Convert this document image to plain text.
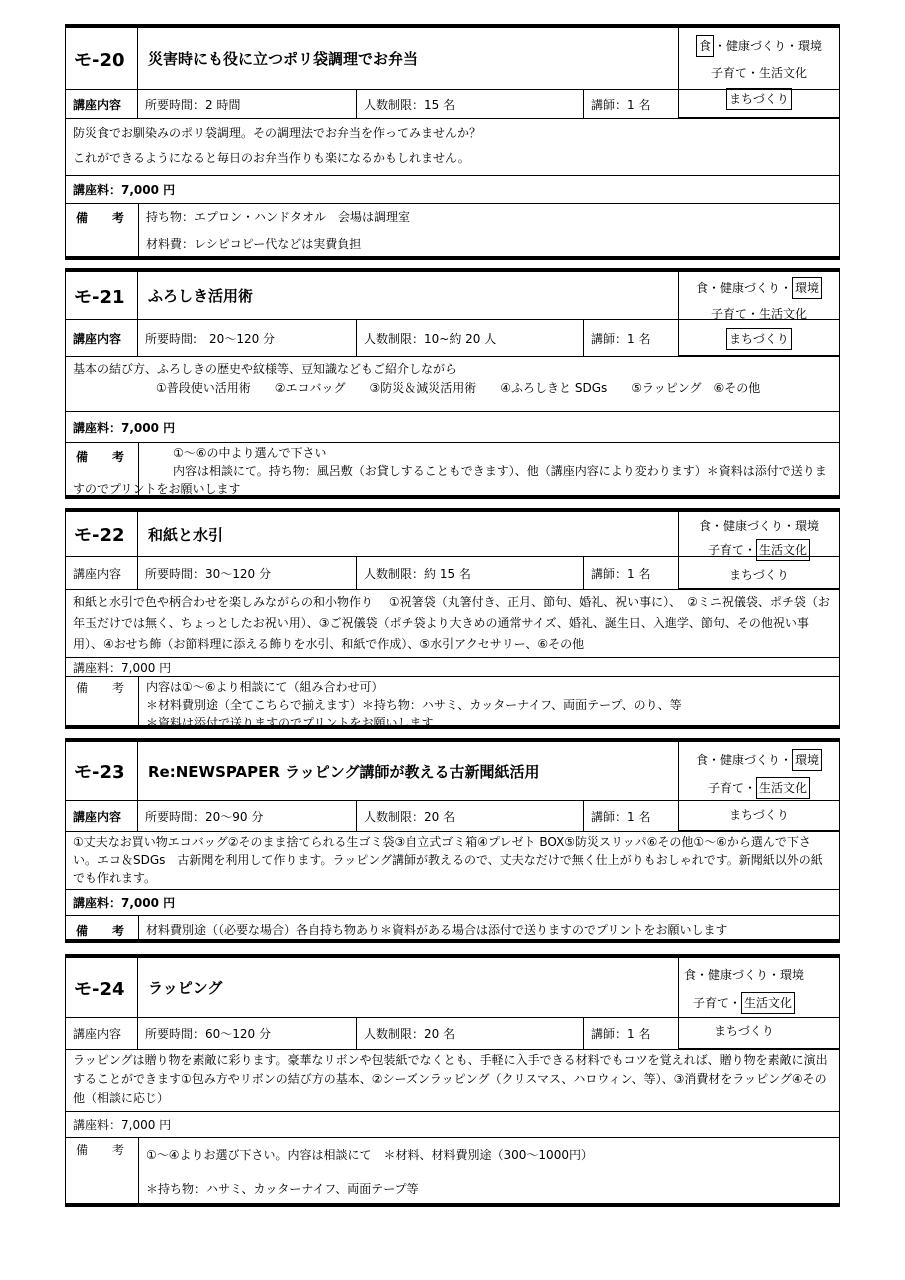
モ-20	災害時にも役に立つポリ袋調理でお弁当
講座内容	所要時間：2 時間	人数制限：15 名	講師：1 名
食 ・健康づくり・ 環境
子育て・ 生活文化
まちづくり
防災食でお馴染みのポリ袋調理。その調理法でお弁当を作ってみませんか？
これができるようになると毎日のお弁当作りも楽になるかもしれません。
講座料：7,000 円
備 考 持ち物：エプロン・ハンドタオル　会場は調理室
材料費：レシピコピー代などは実費負担
モ-21	ふろしき活用術
講座内容	所要時間:　20～120 分	人数制限：10~約 20 人	講師：1 名
食 ・健康づくり・ 環境
子育て・ 生活文化
まちづくり
基本の結び方、ふろしきの歴史や紋様等、豆知識などもご紹介しながら
①普段使い活用術　　②エコバッグ　　③防災＆減災活用術　　④ふろしきと SDGs　　⑤ラッピング　⑥その他
講座料：7,000 円
備 考	①～⑥の中より選んで下さい
内容は相談にて。持ち物：風呂敷（お貸しすることもできます）、他（講座内容により変わります）＊資料は添付で送りますのでプリントをお願いします
モ-22	和紙と水引
講座内容	所要時間：30～120 分	人数制限：約 15 名	講師：1 名
食 ・健康づくり・ 環境
子育て・ 生活文化
まちづくり
和紙と水引で色や柄合わせを楽しみながらの和小物作り　 ①祝箸袋（丸箸付き、正月、節句、婚礼、祝い事に）、　②ミニ祝儀袋、ポチ袋（お年玉だけでは無く、ちょっとしたお祝い用）、③ご祝儀袋（ポチ袋より大きめの通常サイズ、婚礼、誕生日、入進学、節句、その他祝い事用）、④おせち飾（お節料理に添える飾りを水引、和紙で作成）、⑤水引アクセサリー、⑥その他
講座料：7,000 円
備 考 内容は①～⑥より相談にて（組み合わせ可）
＊材料費別途（全てこちらで揃えます）＊持ち物：ハサミ、カッターナイフ、両面テープ、のり、等
＊資料は添付で送りますのでプリントをお願いします
モ-23	Re:NEWSPAPER ラッピング講師が教える古新聞紙活用
講座内容	所要時間：20～90 分	人数制限：20 名	講師：1 名
食 ・健康づくり・ 環境
子育て・ 生活文化
まちづくり
①丈夫なお買い物エコバッグ②そのまま捨てられる生ゴミ袋③自立式ゴミ箱④プレゼト BOX⑤防災スリッパ⑥その他①～⑥から選んで下さい。エコ＆SDGs　古新聞を利用して作ります。ラッピング講師が教えるので、丈夫なだけで無く仕上がりもおしゃれです。新聞紙以外の紙でも作れます。
講座料：7,000 円
備 考 材料費別途（（必要な場合）各自持ち物あり＊資料がある場合は添付で送りますのでプリントをお願いします
モ-24	ラッピング
講座内容	所要時間：60～120 分	人数制限：20 名	講師：1 名
食 ・健康づくり・ 環境
子育て・ 生活文化
まちづくり
ラッピングは贈り物を素敵に彩ります。豪華なリボンや包装紙でなくとも、手軽に入手できる材料でもコツを覚えれば、贈り物を素敵に演出することができます①包み方やリボンの結び方の基本、②シーズンラッピング（クリスマス、ハロウィン、等）、③消費材をラッピング④その他（相談に応じ）
講座料：7,000 円
備 考 ①～④よりお選び下さい。内容は相談にて　＊材料、材料費別途（300～1000円）
＊持ち物：ハサミ、カッターナイフ、両面テープ等
